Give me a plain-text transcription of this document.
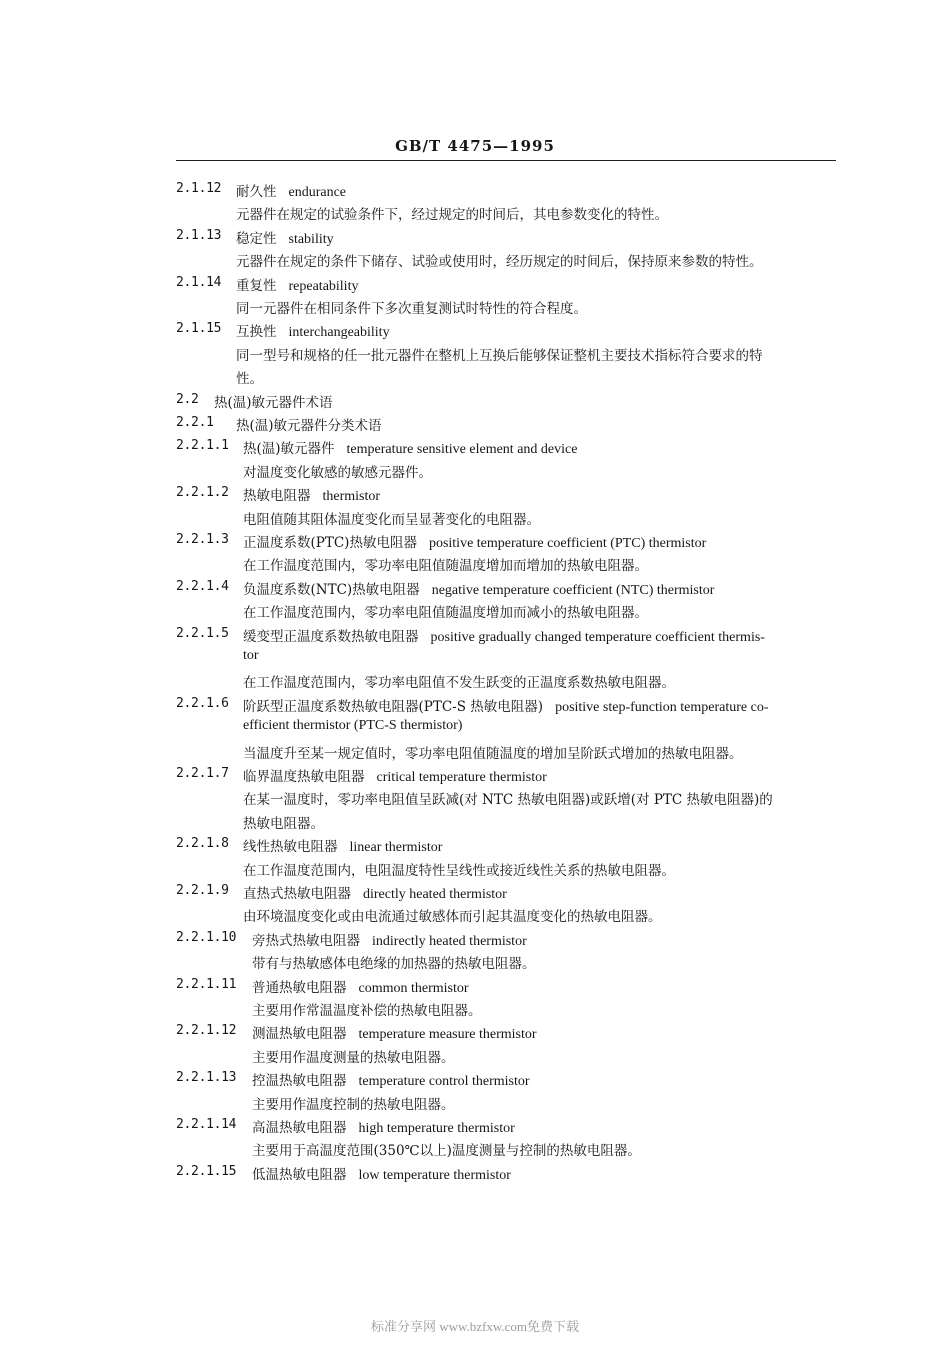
GB/T 4475—1995
2.1.12 耐久性 endurance
元器件在规定的试验条件下，经过规定的时间后，其电参数变化的特性。
2.1.13 稳定性 stability
元器件在规定的条件下储存、试验或使用时，经历规定的时间后，保持原来参数的特性。
2.1.14 重复性 repeatability
同一元器件在相同条件下多次重复测试时特性的符合程度。
2.1.15 互换性 interchangeability
同一型号和规格的任一批元器件在整机上互换后能够保证整机主要技术指标符合要求的特
性。
2.2 热(温)敏元器件术语
2.2.1 热(温)敏元器件分类术语
2.2.1.1 热(温)敏元器件 temperature sensitive element and device
对温度变化敏感的敏感元器件。
2.2.1.2 热敏电阻器 thermistor
电阻值随其阻体温度变化而呈显著变化的电阻器。
2.2.1.3 正温度系数(PTC)热敏电阻器 positive temperature coefficient (PTC) thermistor
在工作温度范围内，零功率电阻值随温度增加而增加的热敏电阻器。
2.2.1.4 负温度系数(NTC)热敏电阻器 negative temperature coefficient (NTC) thermistor
在工作温度范围内，零功率电阻值随温度增加而减小的热敏电阻器。
2.2.1.5 缓变型正温度系数热敏电阻器 positive gradually changed temperature coefficient thermis-
tor
在工作温度范围内，零功率电阻值不发生跃变的正温度系数热敏电阻器。
2.2.1.6 阶跃型正温度系数热敏电阻器(PTC-S 热敏电阻器) positive step-function temperature co-
efficient thermistor (PTC-S thermistor)
当温度升至某一规定值时，零功率电阻值随温度的增加呈阶跃式增加的热敏电阻器。
2.2.1.7 临界温度热敏电阻器 critical temperature thermistor
在某一温度时，零功率电阻值呈跃减(对 NTC 热敏电阻器)或跃增(对 PTC 热敏电阻器)的
热敏电阻器。
2.2.1.8 线性热敏电阻器 linear thermistor
在工作温度范围内，电阻温度特性呈线性或接近线性关系的热敏电阻器。
2.2.1.9 直热式热敏电阻器 directly heated thermistor
由环境温度变化或由电流通过敏感体而引起其温度变化的热敏电阻器。
2.2.1.10 旁热式热敏电阻器 indirectly heated thermistor
带有与热敏感体电绝缘的加热器的热敏电阻器。
2.2.1.11 普通热敏电阻器 common thermistor
主要用作常温温度补偿的热敏电阻器。
2.2.1.12 测温热敏电阻器 temperature measure thermistor
主要用作温度测量的热敏电阻器。
2.2.1.13 控温热敏电阻器 temperature control thermistor
主要用作温度控制的热敏电阻器。
2.2.1.14 高温热敏电阻器 high temperature thermistor
主要用于高温度范围(350℃以上)温度测量与控制的热敏电阻器。
2.2.1.15 低温热敏电阻器 low temperature thermistor
标准分享网 www.bzfxw.com免费下载
